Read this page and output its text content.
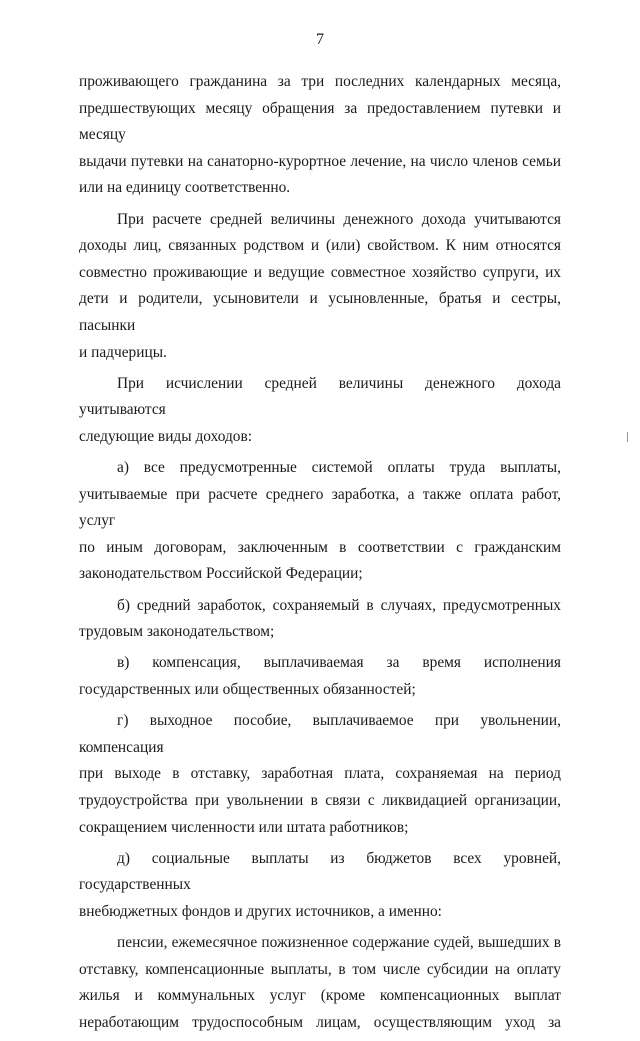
7
проживающего гражданина за три последних календарных месяца,
предшествующих месяцу обращения за предоставлением путевки и месяцу
выдачи путевки на санаторно-курортное лечение, на число членов семьи
или на единицу соответственно.
При расчете средней величины денежного дохода учитываются
доходы лиц, связанных родством и (или) свойством. К ним относятся
совместно проживающие и ведущие совместное хозяйство супруги, их
дети и родители, усыновители и усыновленные, братья и сестры, пасынки
и падчерицы.
При исчислении средней величины денежного дохода учитываются
следующие виды доходов:
а) все предусмотренные системой оплаты труда выплаты,
учитываемые при расчете среднего заработка, а также оплата работ, услуг
по иным договорам, заключенным в соответствии с гражданским
законодательством Российской Федерации;
б) средний заработок, сохраняемый в случаях, предусмотренных
трудовым законодательством;
в) компенсация, выплачиваемая за время исполнения
государственных или общественных обязанностей;
г) выходное пособие, выплачиваемое при увольнении, компенсация
при выходе в отставку, заработная плата, сохраняемая на период
трудоустройства при увольнении в связи с ликвидацией организации,
сокращением численности или штата работников;
д) социальные выплаты из бюджетов всех уровней, государственных
внебюджетных фондов и других источников, а именно:
пенсии, ежемесячное пожизненное содержание судей, вышедших в
отставку, компенсационные выплаты, в том числе субсидии на оплату
жилья и коммунальных услуг (кроме компенсационных выплат
неработающим трудоспособным лицам, осуществляющим уход за
